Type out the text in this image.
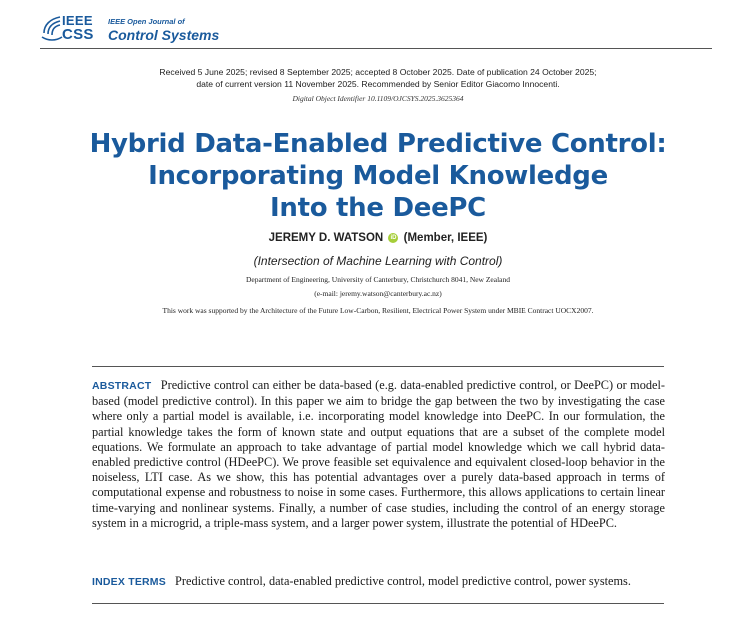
IEEE
CSS
IEEE Open Journal of
Control Systems
Received 5 June 2025; revised 8 September 2025; accepted 8 October 2025. Date of publication 24 October 2025;
date of current version 11 November 2025. Recommended by Senior Editor Giacomo Innocenti.
Digital Object Identifier 10.1109/OJCSYS.2025.3625364
Hybrid Data-Enabled Predictive Control:
Incorporating Model Knowledge
Into the DeePC
JEREMY D. WATSON iD (Member, IEEE)
(Intersection of Machine Learning with Control)
Department of Engineering, University of Canterbury, Christchurch 8041, New Zealand
(e-mail: jeremy.watson@canterbury.ac.nz)
This work was supported by the Architecture of the Future Low-Carbon, Resilient, Electrical Power System under MBIE Contract UOCX2007.
ABSTRACT Predictive control can either be data-based (e.g. data-enabled predictive control, or DeePC) or model-based (model predictive control). In this paper we aim to bridge the gap between the two by investigating the case where only a partial model is available, i.e. incorporating model knowledge into DeePC. In our formulation, the partial knowledge takes the form of known state and output equations that are a subset of the complete model equations. We formulate an approach to take advantage of partial model knowledge which we call hybrid data-enabled predictive control (HDeePC). We prove feasible set equivalence and equivalent closed-loop behavior in the noiseless, LTI case. As we show, this has potential advantages over a purely data-based approach in terms of computational expense and robustness to noise in some cases. Furthermore, this allows applications to certain linear time-varying and nonlinear systems. Finally, a number of case studies, including the control of an energy storage system in a microgrid, a triple-mass system, and a larger power system, illustrate the potential of HDeePC.
INDEX TERMS Predictive control, data-enabled predictive control, model predictive control, power systems.
